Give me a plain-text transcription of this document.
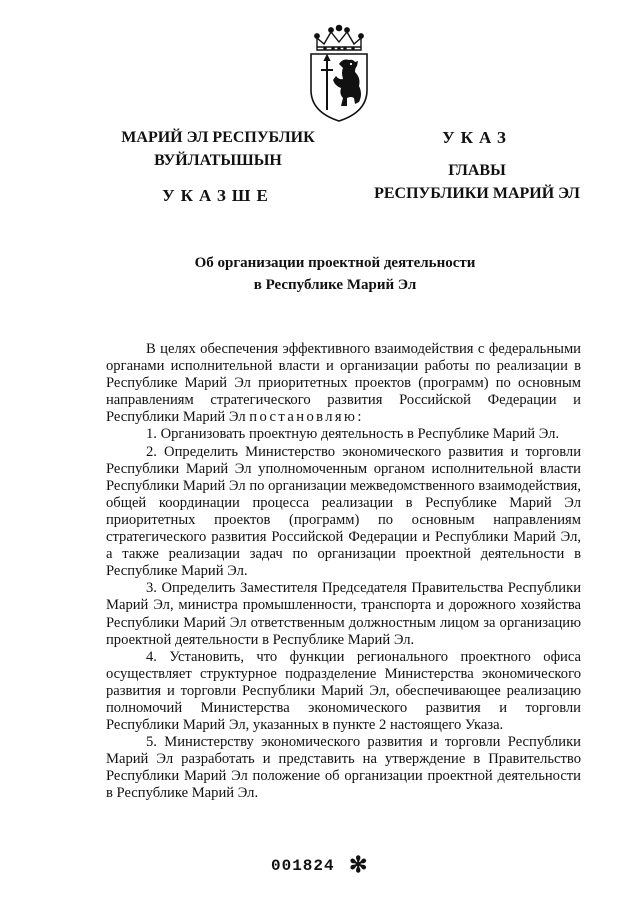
МАРИЙ ЭЛ РЕСПУБЛИК
ВУЙЛАТЫШЫН
УКАЗШЕ
УКАЗ
ГЛАВЫ
РЕСПУБЛИКИ МАРИЙ ЭЛ
Об организации проектной деятельности
в Республике Марий Эл

В целях обеспечения эффективного взаимодействия с федеральными органами исполнительной власти и организации работы по реализации в Республике Марий Эл приоритетных проектов (программ) по основным направлениям стратегического развития Российской Федерации и Республики Марий Эл постановляю:

1. Организовать проектную деятельность в Республике Марий Эл.

2. Определить Министерство экономического развития и торговли Республики Марий Эл уполномоченным органом исполнительной власти Республики Марий Эл по организации межведомственного взаимодействия, общей координации процесса реализации в Республике Марий Эл приоритетных проектов (программ) по основным направлениям стратегического развития Российской Федерации и Республики Марий Эл, а также реализации задач по организации проектной деятельности в Республике Марий Эл.

3. Определить Заместителя Председателя Правительства Республики Марий Эл, министра промышленности, транспорта и дорожного хозяйства Республики Марий Эл ответственным должностным лицом за организацию проектной деятельности в Республике Марий Эл.

4. Установить, что функции регионального проектного офиса осуществляет структурное подразделение Министерства экономического развития и торговли Республики Марий Эл, обеспечивающее реализацию полномочий Министерства экономического развития и торговли Республики Марий Эл, указанных в пункте 2 настоящего Указа.

5. Министерству экономического развития и торговли Республики Марий Эл разработать и представить на утверждение в Правительство Республики Марий Эл положение об организации проектной деятельности в Республике Марий Эл.

001824 ✻
